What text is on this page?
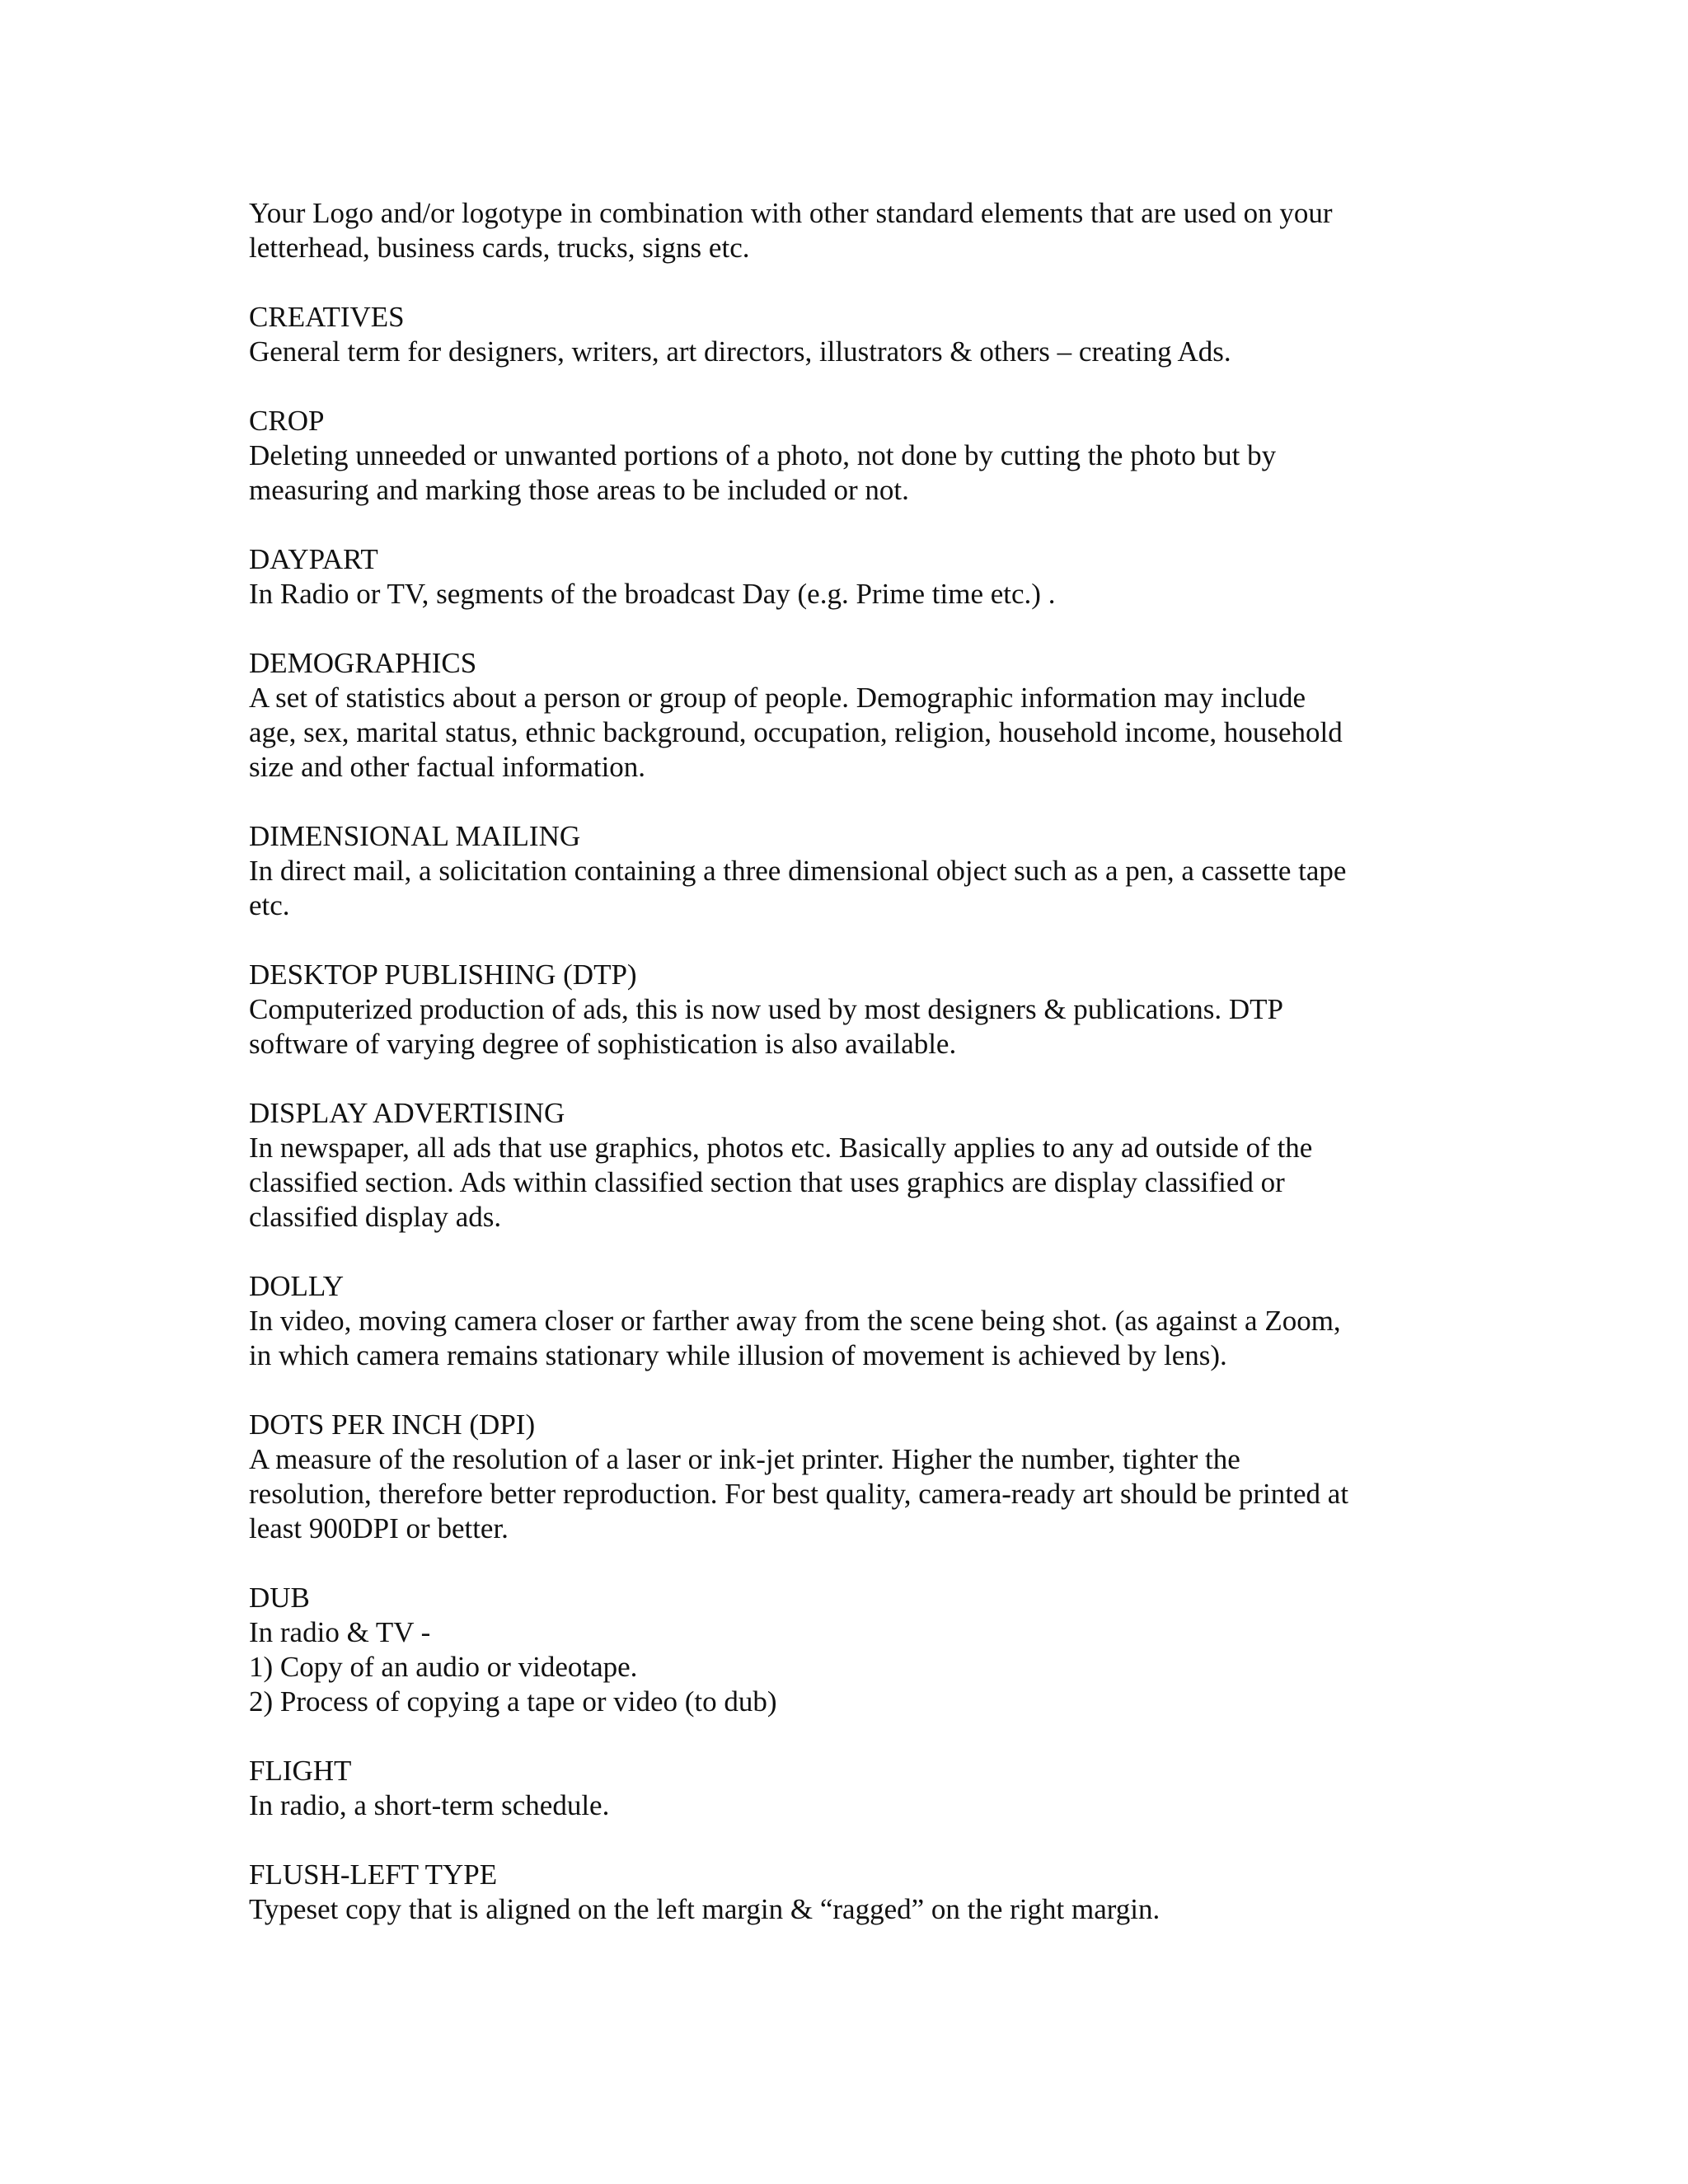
Your Logo and/or logotype in combination with other standard elements that are used on your
letterhead, business cards, trucks, signs etc.
CREATIVES
General term for designers, writers, art directors, illustrators & others – creating Ads.
CROP
Deleting unneeded or unwanted portions of a photo, not done by cutting the photo but by
measuring and marking those areas to be included or not.
DAYPART
In Radio or TV, segments of the broadcast Day (e.g. Prime time etc.) .
DEMOGRAPHICS
A set of statistics about a person or group of people. Demographic information may include
age, sex, marital status, ethnic background, occupation, religion, household income, household
size and other factual information.
DIMENSIONAL MAILING
In direct mail, a solicitation containing a three dimensional object such as a pen, a cassette tape
etc.
DESKTOP PUBLISHING (DTP)
Computerized production of ads, this is now used by most designers & publications. DTP
software of varying degree of sophistication is also available.
DISPLAY ADVERTISING
In newspaper, all ads that use graphics, photos etc. Basically applies to any ad outside of the
classified section. Ads within classified section that uses graphics are display classified or
classified display ads.
DOLLY
In video, moving camera closer or farther away from the scene being shot. (as against a Zoom,
in which camera remains stationary while illusion of movement is achieved by lens).
DOTS PER INCH (DPI)
A measure of the resolution of a laser or ink-jet printer. Higher the number, tighter the
resolution, therefore better reproduction. For best quality, camera-ready art should be printed at
least 900DPI or better.
DUB
In radio & TV -
1) Copy of an audio or videotape.
2) Process of copying a tape or video (to dub)
FLIGHT
In radio, a short-term schedule.
FLUSH-LEFT TYPE
Typeset copy that is aligned on the left margin & “ragged” on the right margin.
